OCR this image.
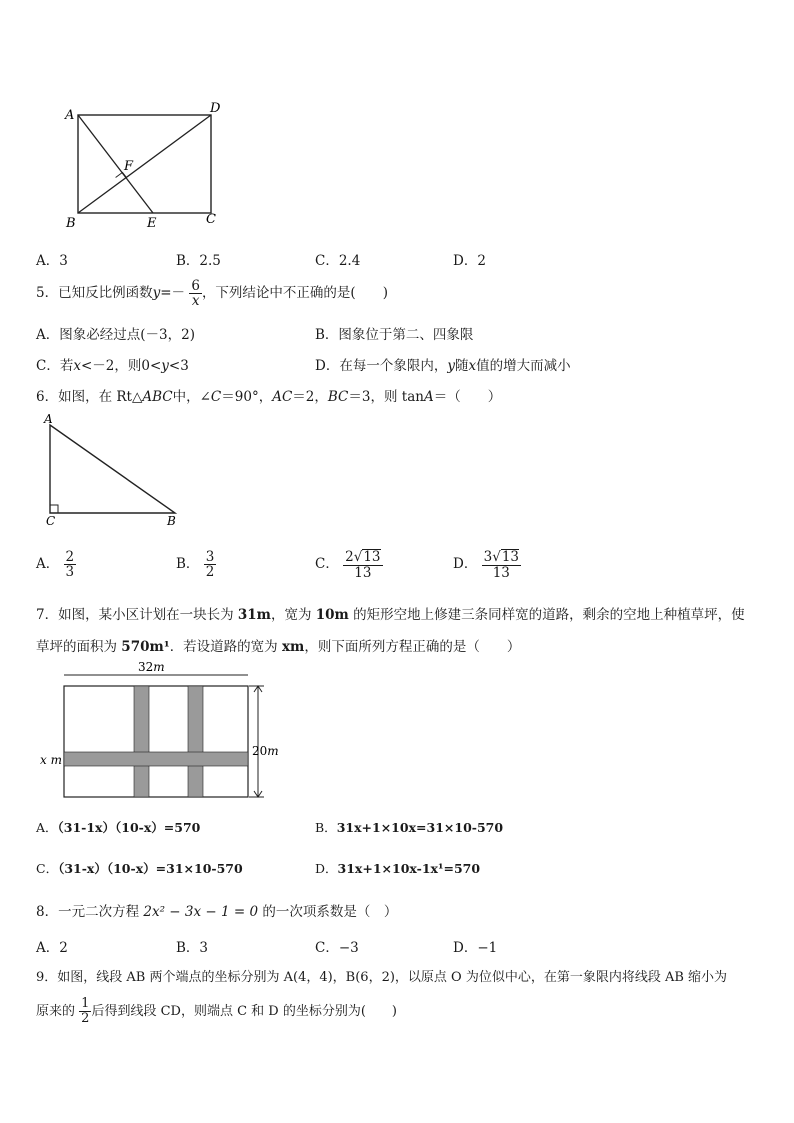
A	D
F
B	E	C
A．3	B．2.5	C．2.4	D．2
5．已知反比例函数$y=- \frac{6}{x}$ ，下列结论中不正确的是(　　)
A．图象必经过点(－3，2)	B．图象位于第二、四象限
C．若x<－2，则0<y<3	D．在每一个象限内，y随x值的增大而减小
6．如图，在 Rt△ABC中，∠C＝90°，AC＝2，BC＝3，则 tanA＝（　　）
A
C	B
A． $\frac{2}{3}$	B． $\frac{3}{2}$	C． $\frac{2√13}{13}$	D． $\frac{3√13}{13}$
7．如图，某小区计划在一块长为 31m，宽为 10m 的矩形空地上修建三条同样宽的道路，剩余的空地上种植草坪，使
草坪的面积为 570m¹．若设道路的宽为 xm，则下面所列方程正确的是（　　）
32m
20m
x m
A．（31-1x）（10-x）=570	B．31x+1×10x=31×10-570
C．（31-x）（10-x）=31×10-570	D．31x+1×10x-1x¹=570
8．一元二次方程 2x² − 3x − 1 = 0 的一次项系数是（　）
A．2	B．3	C．−3	D．−1
9．如图，线段 AB 两个端点的坐标分别为 A(4，4)，B(6，2)，以原点 O 为位似中心，在第一象限内将线段 AB 缩小为
原来的 $\frac{1}{2}$ 后得到线段 CD，则端点 C 和 D 的坐标分别为(　　)
